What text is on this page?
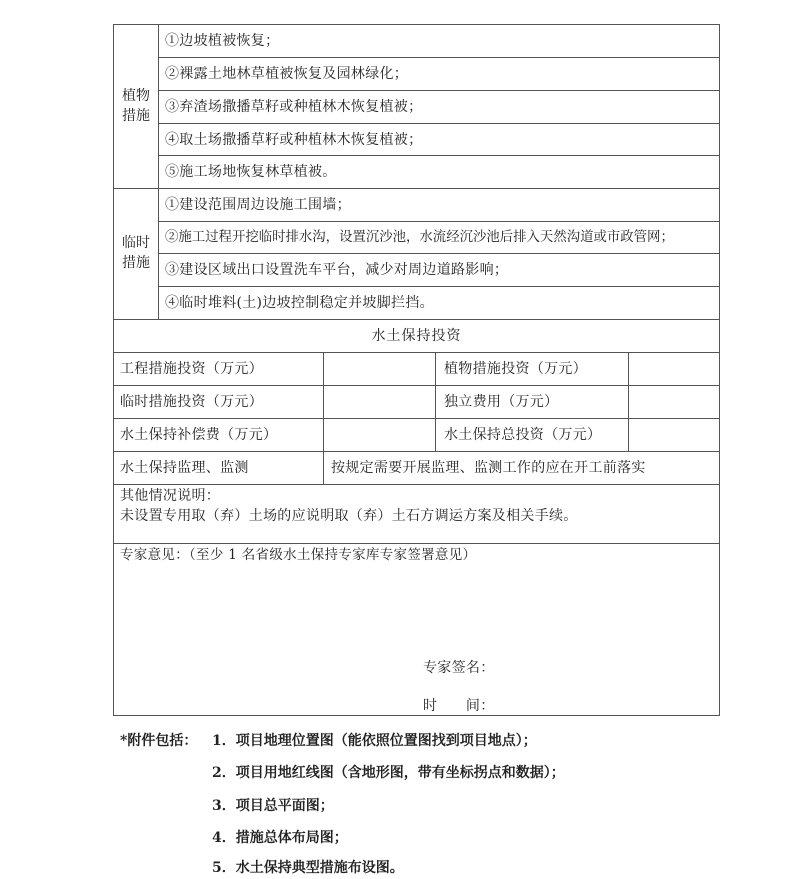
植物
措施
①边坡植被恢复；
②裸露土地林草植被恢复及园林绿化；
③弃渣场撒播草籽或种植林木恢复植被；
④取土场撒播草籽或种植林木恢复植被；
⑤施工场地恢复林草植被。
临时
措施
①建设范围周边设施工围墙；
②施工过程开挖临时排水沟，设置沉沙池，水流经沉沙池后排入天然沟道或市政管网；
③建设区域出口设置洗车平台，减少对周边道路影响；
④临时堆料(土)边坡控制稳定并坡脚拦挡。
水土保持投资
工程措施投资（万元）	植物措施投资（万元）
临时措施投资（万元）	独立费用（万元）
水土保持补偿费（万元）	水土保持总投资（万元）
水土保持监理、监测	按规定需要开展监理、监测工作的应在开工前落实
其他情况说明：
未设置专用取（弃）土场的应说明取（弃）土石方调运方案及相关手续。
专家意见：（至少 1 名省级水土保持专家库专家签署意见）
专家签名：
时　　间：
*附件包括： 1．项目地理位置图（能依照位置图找到项目地点）；
2．项目用地红线图（含地形图，带有坐标拐点和数据）；
3．项目总平面图；
4．措施总体布局图；
5．水土保持典型措施布设图。
